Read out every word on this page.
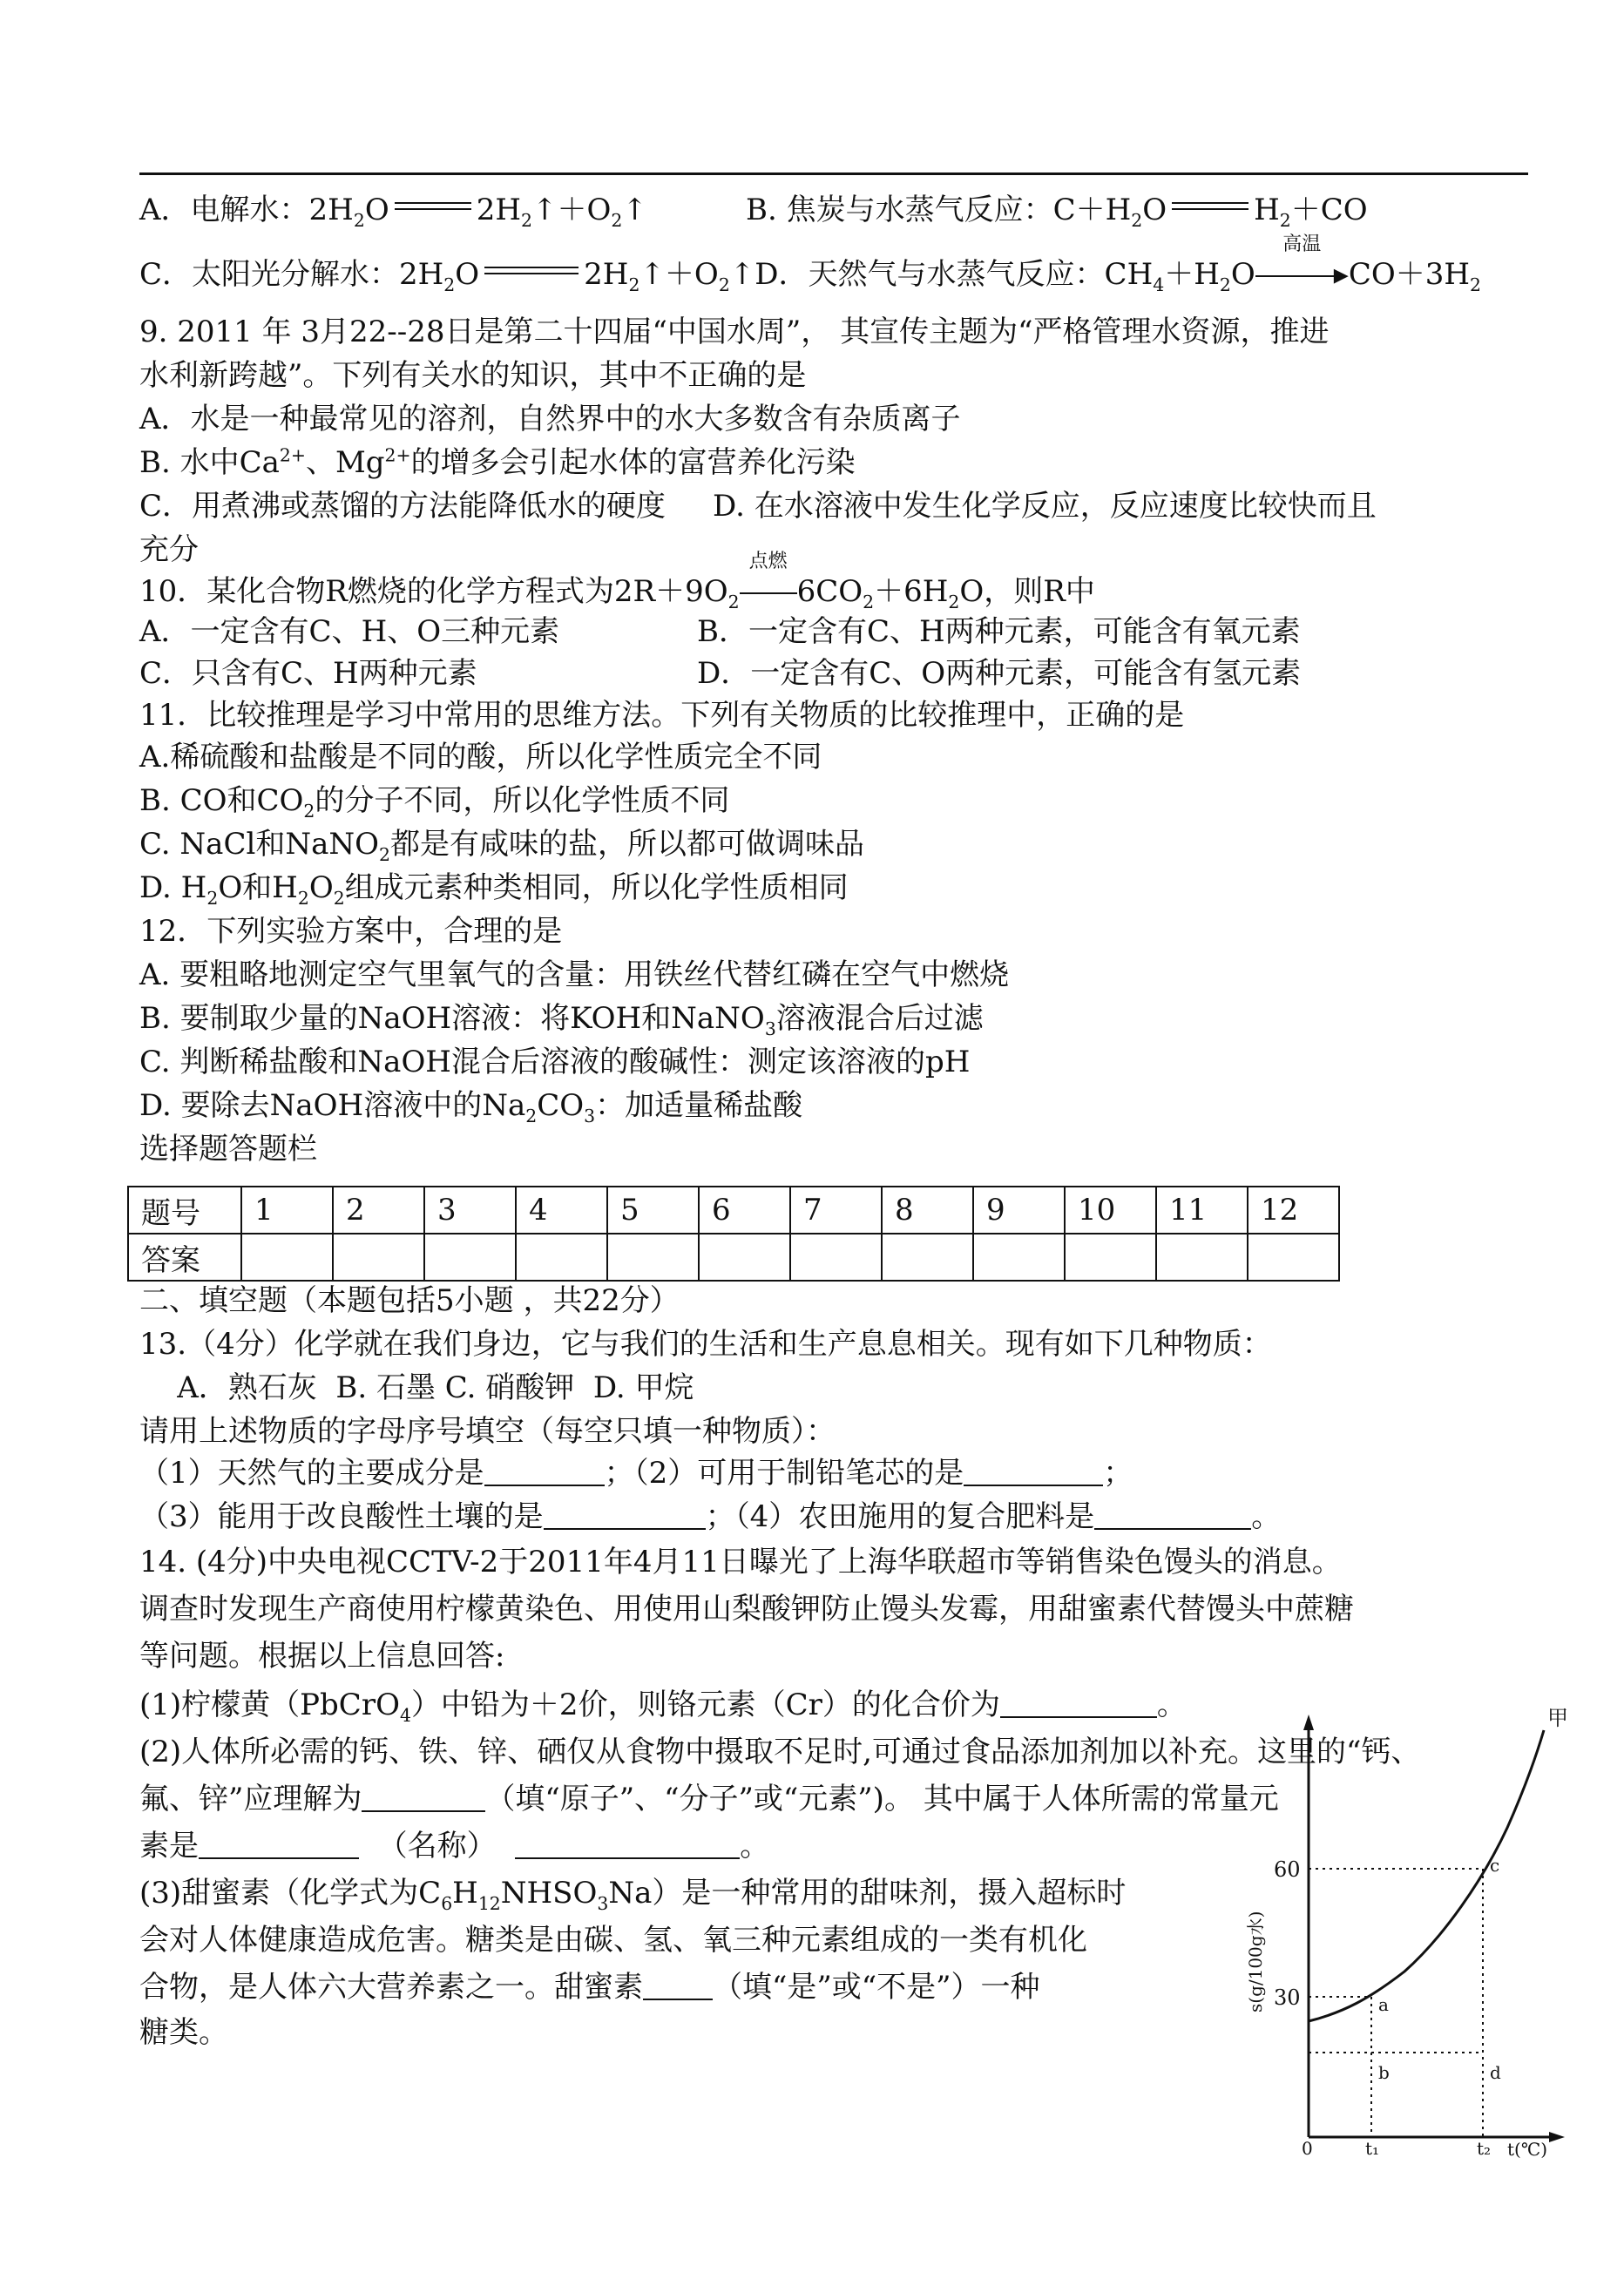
A．电解水：$2H_2O$	$2H_2↑+O_2↑$	B. 焦炭与水蒸气反应：$C+H_2O$	$H_2+CO$
C．太阳光分解水：$2H_2O$	$2H_2↑+O_2↑D$．天然气与水蒸气反应：$CH_4+H_2O$
高温
$▸CO+3H_2$
9. 2011 年 3月22--28日是第二十四届“中国水周”， 其宣传主题为“严格管理水资源，推进
水利新跨越”。下列有关水的知识，其中不正确的是
A．水是一种最常见的溶剂，自然界中的水大多数含有杂质离子
B. 水中$Ca^{2+}$、$Mg^{2+}$的增多会引起水体的富营养化污染
C．用煮沸或蒸馏的方法能降低水的硬度     D. 在水溶液中发生化学反应，反应速度比较快而且
充分
10．某化合物R燃烧的化学方程式为$2R+9O_2$
点燃
$6CO_2+6H_2O$，则R中
A．一定含有C、H、O三种元素	B．一定含有C、H两种元素，可能含有氧元素
C．只含有C、H两种元素	D．一定含有C、O两种元素，可能含有氢元素
11．比较推理是学习中常用的思维方法。下列有关物质的比较推理中，正确的是
A.稀硫酸和盐酸是不同的酸，所以化学性质完全不同
B. CO和$CO_2$的分子不同，所以化学性质不同
C. NaCl和NaNO$_2$都是有咸味的盐，所以都可做调味品
D. $H_2O$和$H_2O_2$组成元素种类相同，所以化学性质相同
12．下列实验方案中，合理的是
A. 要粗略地测定空气里氧气的含量：用铁丝代替红磷在空气中燃烧
B. 要制取少量的NaOH溶液：将KOH和NaNO$_3$溶液混合后过滤
C. 判断稀盐酸和NaOH混合后溶液的酸碱性：测定该溶液的pH
D. 要除去NaOH溶液中的$Na_2CO_3$：加适量稀盐酸
选择题答题栏
题号	1	2	3	4	5	6	7	8	9	10	11	12
答案												
二、填空题（本题包括5小题 ，共22分）
13.（4分）化学就在我们身边，它与我们的生活和生产息息相关。现有如下几种物质：
A．熟石灰  B. 石墨 C. 硝酸钾  D. 甲烷
请用上述物质的字母序号填空（每空只填一种物质）：
（1）天然气的主要成分是	；（2）可用于制铅笔芯的是	；
（3）能用于改良酸性土壤的是	；（4）农田施用的复合肥料是	。
14. (4分)中央电视CCTV-2于2011年4月11日曝光了上海华联超市等销售染色馒头的消息。
调查时发现生产商使用柠檬黄染色、用使用山梨酸钾防止馒头发霉，用甜蜜素代替馒头中蔗糖
等问题。根据以上信息回答:
(1)柠檬黄（PbCrO$_4$）中铅为＋2价，则铬元素（Cr）的化合价为	。
(2)人体所必需的钙、铁、锌、硒仅从食物中摄取不足时,可通过食品添加剂加以补充。这里的“钙、
氟、锌”应理解为	（填“原子”、“分子”或“元素”)。 其中属于人体所需的常量元
素是	（名称）	。
(3)甜蜜素（化学式为$C_6H_{12}NHSO_3Na$）是一种常用的甜味剂，摄入超标时
会对人体健康造成危害。糖类是由碳、氢、氧三种元素组成的一类有机化
合物，是人体六大营养素之一。甜蜜素 （填“是”或“不是”）一种
糖类。
甲
60
30
0	t₁	t₂ t(℃)
a
b
c
d
s(g/100g水)
